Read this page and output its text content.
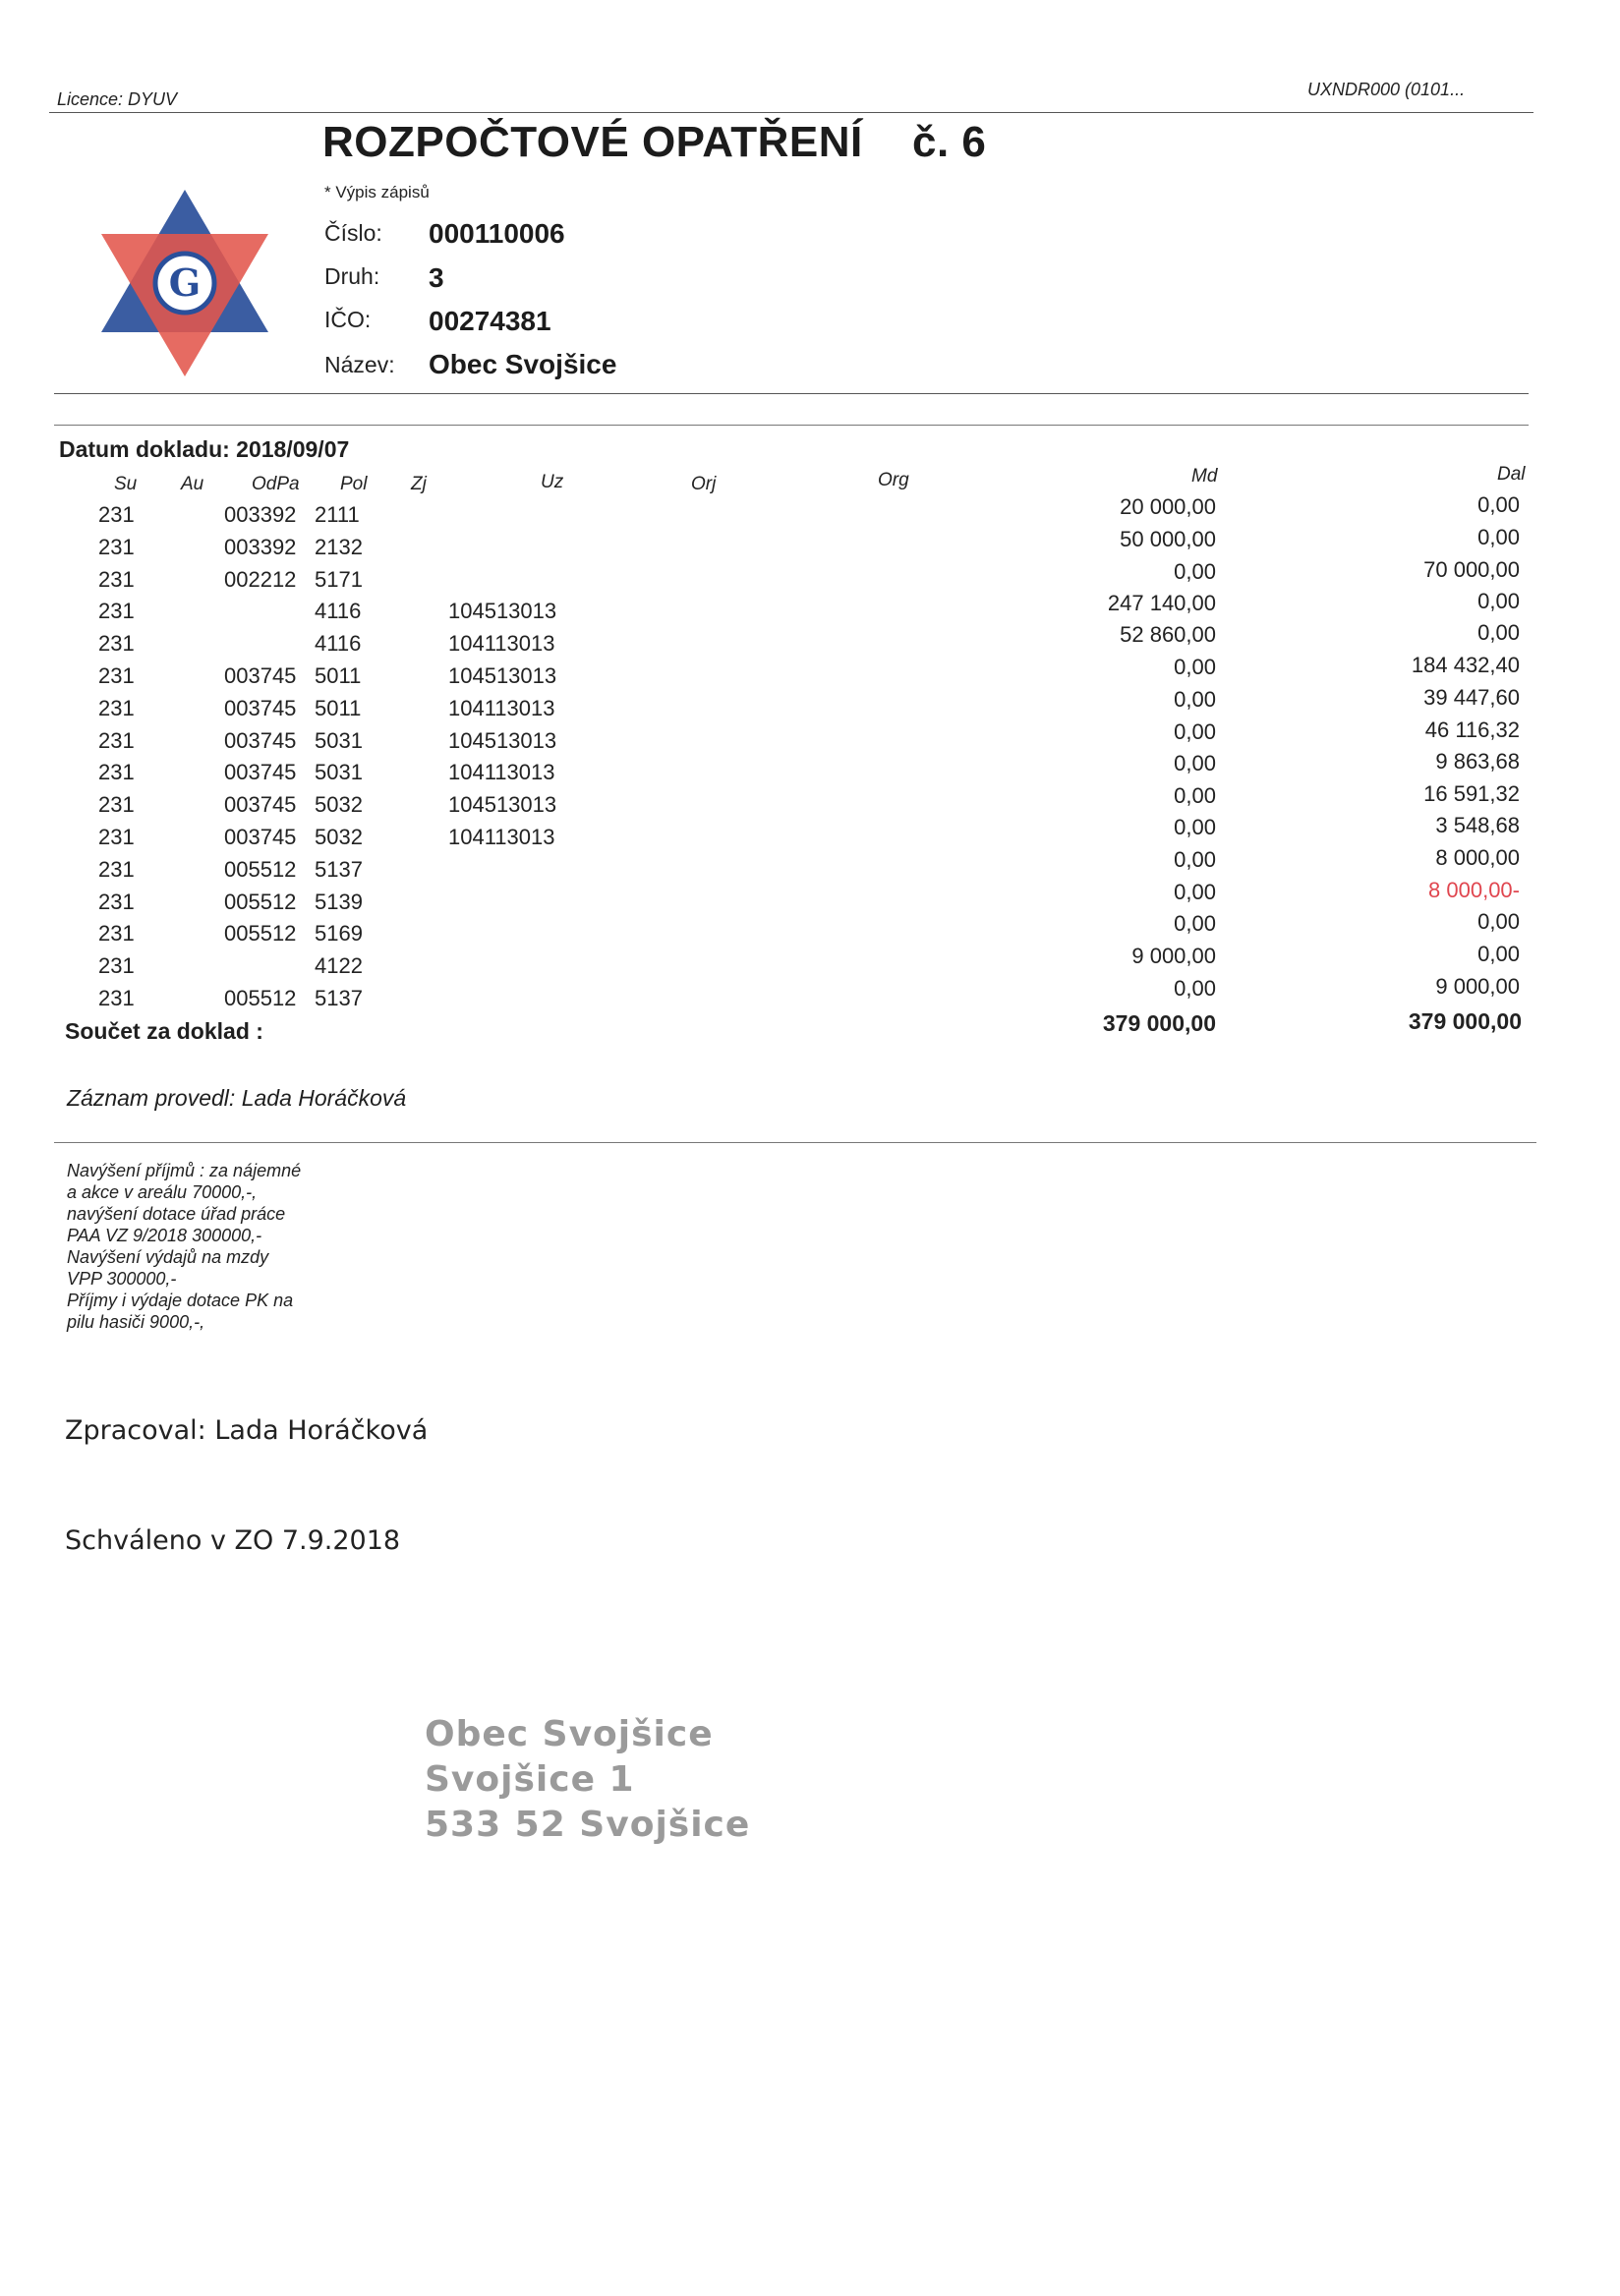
Licence: DYUV	UXNDR000 (0101...
G
ROZPOČTOVÉ OPATŘENÍ č. 6
* Výpis zápisů
Číslo: 000110006
Druh: 3
IČO: 00274381
Název: Obec Svojšice
Datum dokladu: 2018/09/07
Su Au	OdPa Pol Zj	Uz	Orj	Org	Md	Dal
231	003392 2111	20 000,00	0,00
231	003392 2132	50 000,00	0,00
231	002212 5171	0,00	70 000,00
231	4116	104513013	247 140,00	0,00
231	4116	104113013	52 860,00	0,00
231	003745 5011	104513013	0,00	184 432,40
231	003745 5011	104113013	0,00	39 447,60
231	003745 5031	104513013	0,00	46 116,32
231	003745 5031	104113013	0,00	9 863,68
231	003745 5032	104513013	0,00	16 591,32
231	003745 5032	104113013	0,00	3 548,68
231	005512 5137	0,00	8 000,00
231	005512 5139	0,00	8 000,00-
231	005512 5169	0,00	0,00
231	4122	9 000,00	0,00
231	005512 5137	0,00	9 000,00
Součet za doklad :	379 000,00	379 000,00
Záznam provedl: Lada Horáčková
Navýšení příjmů : za nájemné
a akce v areálu 70000,-,
navýšení dotace úřad práce
PAA VZ 9/2018 300000,-
Navýšení výdajů na mzdy
VPP 300000,-
Příjmy i výdaje dotace PK na
pilu hasiči 9000,-,
Zpracoval: Lada Horáčková
Schváleno v ZO 7.9.2018
Obec Svojšice
Svojšice 1
533 52 Svojšice
